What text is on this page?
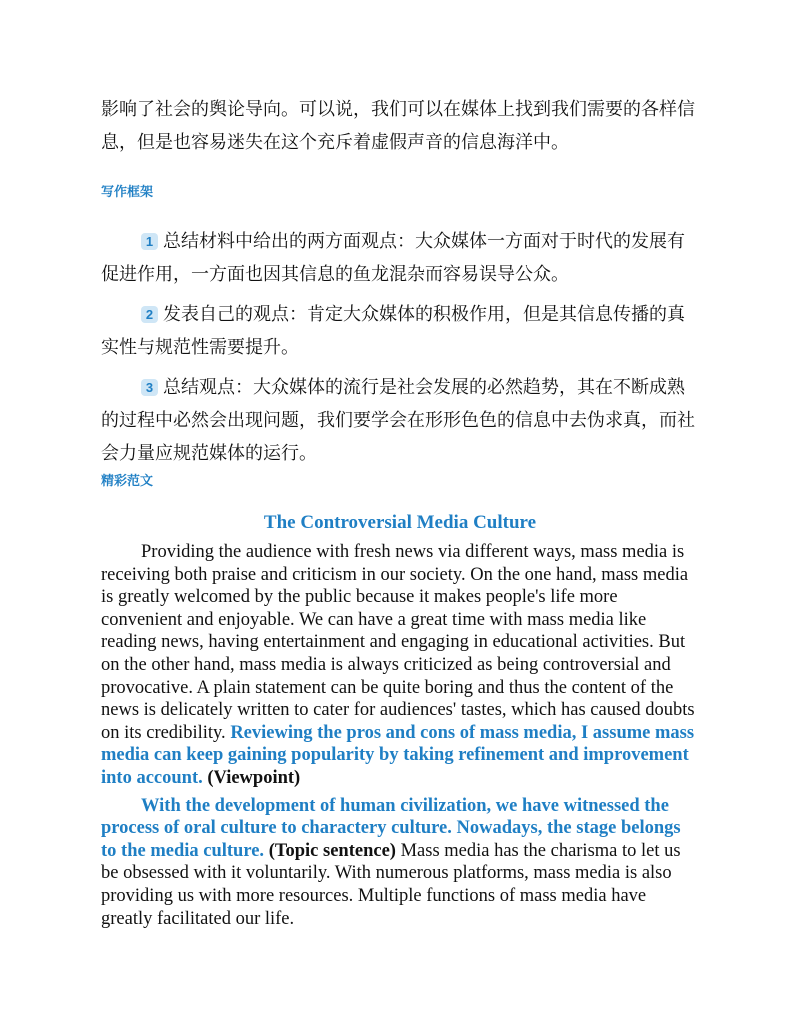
影响了社会的舆论导向。可以说，我们可以在媒体上找到我们需要的各样信息，但是也容易迷失在这个充斥着虚假声音的信息海洋中。

写作框架

1 总结材料中给出的两方面观点：大众媒体一方面对于时代的发展有促进作用，一方面也因其信息的鱼龙混杂而容易误导公众。

2 发表自己的观点：肯定大众媒体的积极作用，但是其信息传播的真实性与规范性需要提升。

3 总结观点：大众媒体的流行是社会发展的必然趋势，其在不断成熟的过程中必然会出现问题，我们要学会在形形色色的信息中去伪求真，而社会力量应规范媒体的运行。

精彩范文
The Controversial Media Culture

Providing the audience with fresh news via different ways, mass media is receiving both praise and criticism in our society. On the one hand, mass media is greatly welcomed by the public because it makes people's life more convenient and enjoyable. We can have a great time with mass media like reading news, having entertainment and engaging in educational activities. But on the other hand, mass media is always criticized as being controversial and provocative. A plain statement can be quite boring and thus the content of the news is delicately written to cater for audiences' tastes, which has caused doubts on its credibility. Reviewing the pros and cons of mass media, I assume mass media can keep gaining popularity by taking refinement and improvement into account. (Viewpoint)

With the development of human civilization, we have witnessed the process of oral culture to charactery culture. Nowadays, the stage belongs to the media culture. (Topic sentence) Mass media has the charisma to let us be obsessed with it voluntarily. With numerous platforms, mass media is also providing us with more resources. Multiple functions of mass media have greatly facilitated our life.
